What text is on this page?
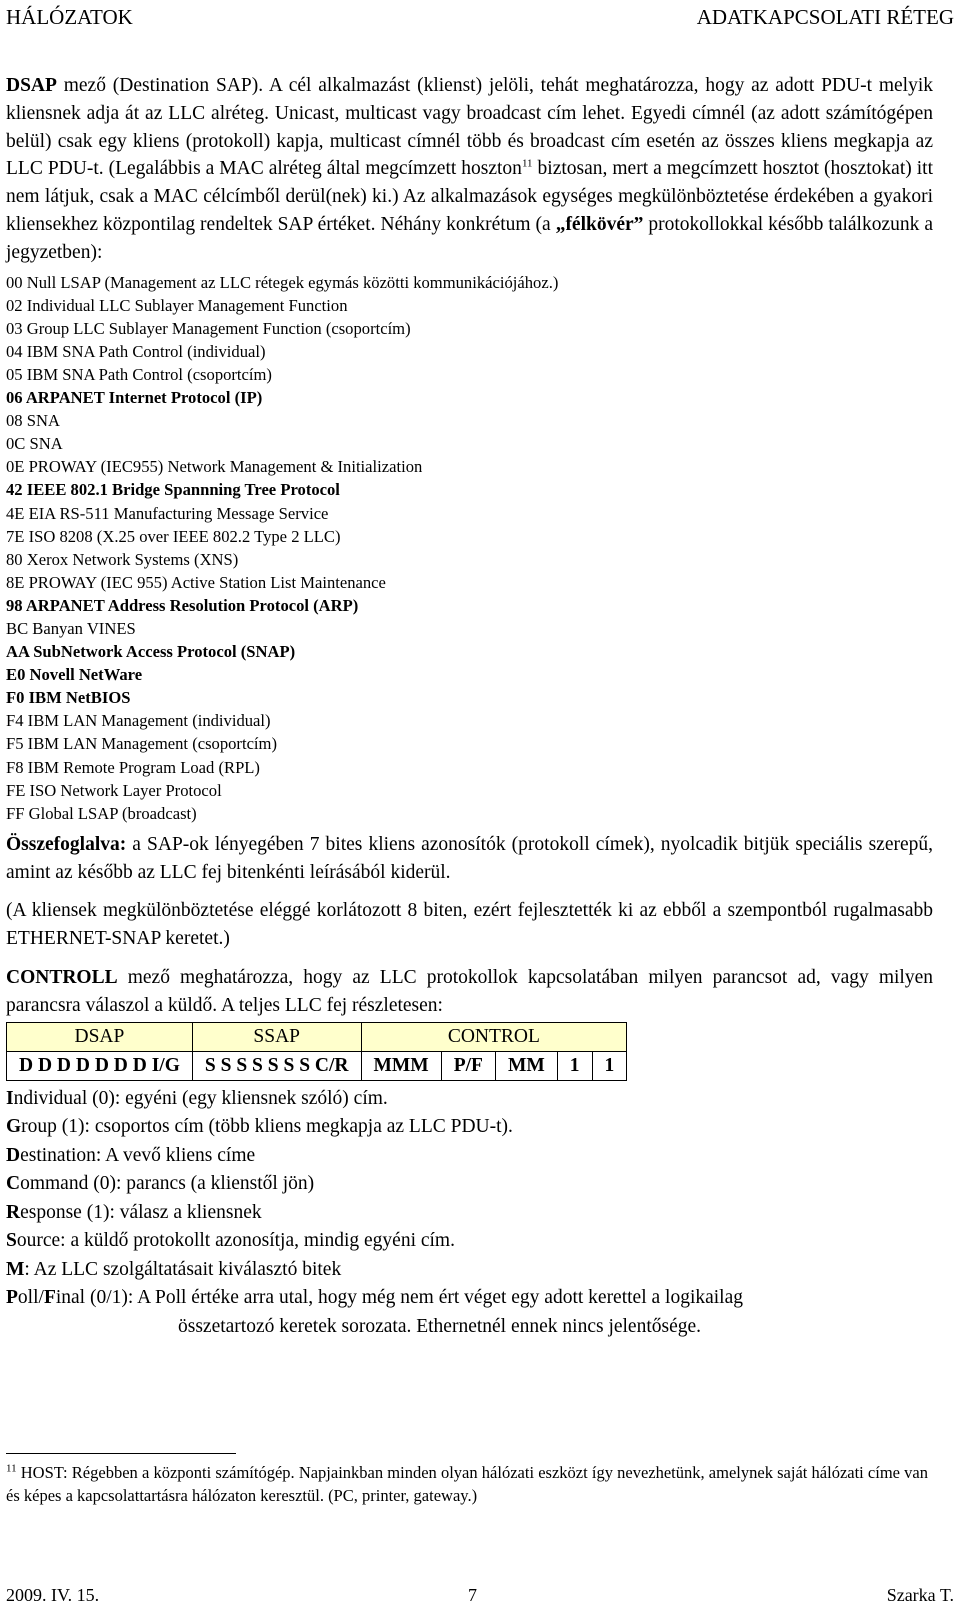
HÁLÓZATOK	ADATKAPCSOLATI RÉTEG

DSAP mező (Destination SAP). A cél alkalmazást (klienst) jelöli, tehát meghatározza, hogy az adott PDU-t melyik kliensnek adja át az LLC alréteg. Unicast, multicast vagy broadcast cím lehet. Egyedi címnél (az adott számítógépen belül) csak egy kliens (protokoll) kapja, multicast címnél több és broadcast cím esetén az összes kliens megkapja az LLC PDU-t. (Legalábbis a MAC alréteg által megcímzett hoszton$^{11}$ biztosan, mert a megcímzett hosztot (hosztokat) itt nem látjuk, csak a MAC célcímből derül(nek) ki.) Az alkalmazások egységes megkülönböztetése érdekében a gyakori kliensekhez központilag rendeltek SAP értéket. Néhány konkrétum (a „félkövér” protokollokkal később találkozunk a jegyzetben):

00 Null LSAP (Management az LLC rétegek egymás közötti kommunikációjához.)
02 Individual LLC Sublayer Management Function
03 Group LLC Sublayer Management Function (csoportcím)
04 IBM SNA Path Control (individual)
05 IBM SNA Path Control (csoportcím)
06 ARPANET Internet Protocol (IP)
08 SNA
0C SNA
0E PROWAY (IEC955) Network Management & Initialization
42 IEEE 802.1 Bridge Spannning Tree Protocol
4E EIA RS-511 Manufacturing Message Service
7E ISO 8208 (X.25 over IEEE 802.2 Type 2 LLC)
80 Xerox Network Systems (XNS)
8E PROWAY (IEC 955) Active Station List Maintenance
98 ARPANET Address Resolution Protocol (ARP)
BC Banyan VINES
AA SubNetwork Access Protocol (SNAP)
E0 Novell NetWare
F0 IBM NetBIOS
F4 IBM LAN Management (individual)
F5 IBM LAN Management (csoportcím)
F8 IBM Remote Program Load (RPL)
FE ISO Network Layer Protocol
FF Global LSAP (broadcast)

Összefoglalva: a SAP-ok lényegében 7 bites kliens azonosítók (protokoll címek), nyolcadik bitjük speciális szerepű, amint az később az LLC fej bitenkénti leírásából kiderül.

(A kliensek megkülönböztetése eléggé korlátozott 8 biten, ezért fejlesztették ki az ebből a szempontból rugalmasabb ETHERNET-SNAP keretet.)

CONTROLL mező meghatározza, hogy az LLC protokollok kapcsolatában milyen parancsot ad, vagy milyen parancsra válaszol a küldő. A teljes LLC fej részletesen:

DSAP	SSAP	CONTROL				
D D D D D D D I/G	S S S S S S S C/R	MMM	P/F	MM	1	1
Individual (0): egyéni (egy kliensnek szóló) cím.
Group (1): csoportos cím (több kliens megkapja az LLC PDU-t).
Destination: A vevő kliens címe
Command (0): parancs (a klienstől jön)
Response (1): válasz a kliensnek
Source: a küldő protokollt azonosítja, mindig egyéni cím.
M: Az LLC szolgáltatásait kiválasztó bitek
Poll/Final (0/1): A Poll értéke arra utal, hogy még nem ért véget egy adott kerettel a logikailag
összetartozó keretek sorozata. Ethernetnél ennek nincs jelentősége.
$^{11}$ HOST: Régebben a központi számítógép. Napjainkban minden olyan hálózati eszközt így nevezhetünk, amelynek saját hálózati címe van és képes a kapcsolattartásra hálózaton keresztül. (PC, printer, gateway.)
2009. IV. 15.	7	Szarka T.
